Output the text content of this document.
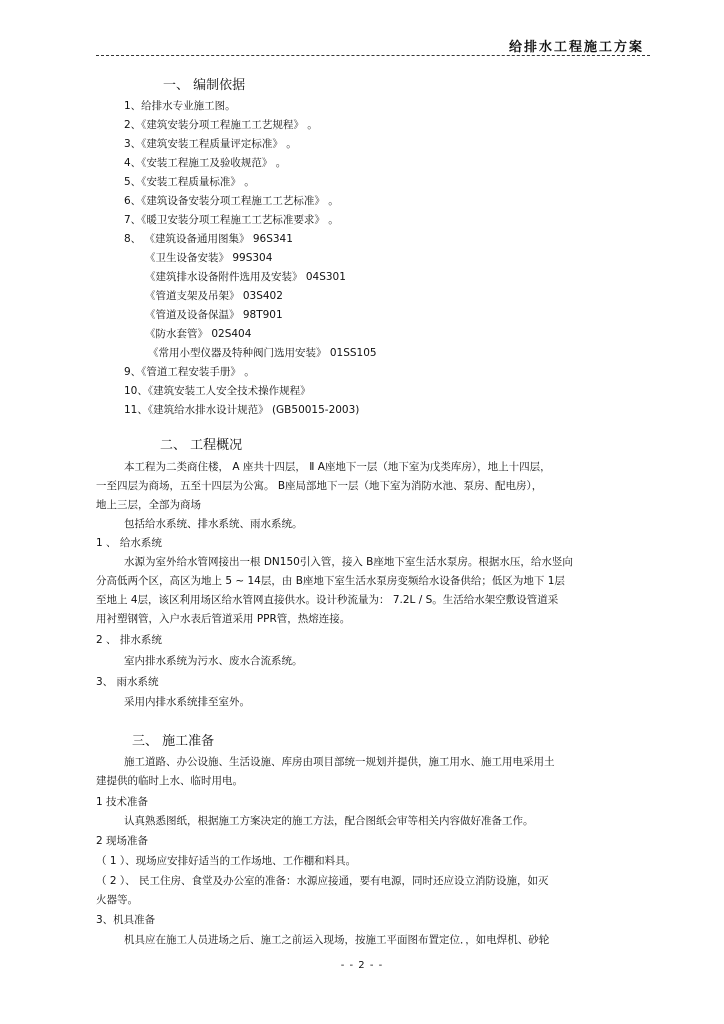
给排水工程施工方案
一、 编制依据
1、给排水专业施工图。
2、《建筑安装分项工程施工工艺规程》 。
3、《建筑安装工程质量评定标准》 。
4、《安装工程施工及验收规范》 。
5、《安装工程质量标准》 。
6、《建筑设备安装分项工程施工工艺标准》 。
7、《暖卫安装分项工程施工工艺标准要求》 。
8、 《建筑设备通用图集》 96S341
《卫生设备安装》 99S304
《建筑排水设备附件选用及安装》 04S301
《管道支架及吊架》 03S402
《管道及设备保温》 98T901
《防水套管》 02S404
《常用小型仪器及特种阀门选用安装》 01SS105
9、《管道工程安装手册》 。
10、《建筑安装工人安全技术操作规程》
11、《建筑给水排水设计规范》 (GB50015-2003)
二、 工程概况
本工程为二类商住楼， A 座共十四层， Ⅱ A座地下一层（地下室为戊类库房），地上十四层，
一至四层为商场，五至十四层为公寓。 B座局部地下一层（地下室为消防水池、泵房、配电房），
地上三层，全部为商场
包括给水系统、排水系统、雨水系统。
1 、 给水系统
水源为室外给水管网接出一根 DN150引入管，接入 B座地下室生活水泵房。根据水压，给水竖向
分高低两个区，高区为地上 5 ~ 14层，由 B座地下室生活水泵房变频给水设备供给；低区为地下 1层
至地上 4层，该区利用场区给水管网直接供水。设计秒流量为： 7.2L / S。生活给水架空敷设管道采
用衬塑钢管，入户水表后管道采用 PPR管，热熔连接。
2 、 排水系统
室内排水系统为污水、废水合流系统。
3、 雨水系统
采用内排水系统排至室外。
三、 施工准备
施工道路、办公设施、生活设施、库房由项目部统一规划并提供，施工用水、施工用电采用土
建提供的临时上水、临时用电。
1 技术准备
认真熟悉图纸，根据施工方案决定的施工方法，配合图纸会审等相关内容做好准备工作。
2 现场准备
（ 1 ）、现场应安排好适当的工作场地、工作棚和料具。
（ 2 ）、 民工住房、食堂及办公室的准备：水源应接通，要有电源，同时还应设立消防设施，如灭
火器等。
3、机具准备
机具应在施工人员进场之后、施工之前运入现场，按施工平面图布置定位．，如电焊机、砂轮
- - 2 - -
